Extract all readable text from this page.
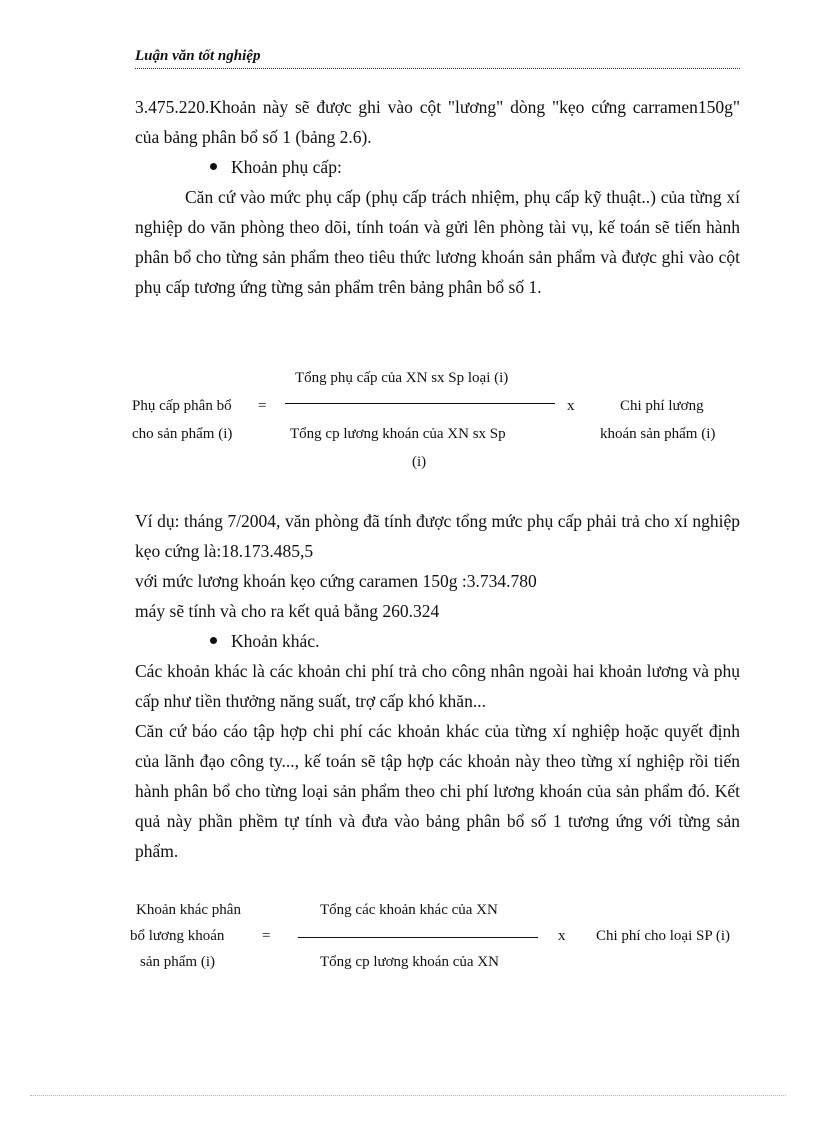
Luận văn tốt nghiệp
3.475.220.Khoản này sẽ được ghi vào cột "lương" dòng "kẹo cứng carramen150g" của bảng phân bổ số 1 (bảng 2.6).
Khoản phụ cấp:
Căn cứ vào mức phụ cấp (phụ cấp trách nhiệm, phụ cấp kỹ thuật..) của từng xí nghiệp do văn phòng theo dõi, tính toán và gửi lên phòng tài vụ, kế toán sẽ tiến hành phân bổ cho từng sản phẩm theo tiêu thức lương khoán sản phẩm và được ghi vào cột phụ cấp tương ứng từng sản phẩm trên bảng phân bổ số 1.
Tổng phụ cấp của XN sx Sp loại (i)
Tổng cp lương khoán của XN sx Sp
(i)
Phụ cấp phân bổ =
cho sản phẩm (i)
x	Chi phí lương
khoán sản phẩm (i)
Ví dụ: tháng 7/2004, văn phòng đã tính được tổng mức phụ cấp phải trả cho xí nghiệp kẹo cứng là:18.173.485,5
với mức lương khoán kẹo cứng caramen 150g :3.734.780
máy sẽ tính và cho ra kết quả bằng 260.324
Khoản khác.
Các khoản khác là các khoản chi phí trả cho công nhân ngoài hai khoản lương và phụ cấp như tiền thưởng năng suất, trợ cấp khó khăn...
Căn cứ báo cáo tập hợp chi phí các khoản khác của từng xí nghiệp hoặc quyết định của lãnh đạo công ty..., kế toán sẽ tập hợp các khoản này theo từng xí nghiệp rồi tiến hành phân bổ cho từng loại sản phẩm theo chi phí lương khoán của sản phẩm đó. Kết quả này phần phềm tự tính và đưa vào bảng phân bổ số 1 tương ứng với từng sản phẩm.
Tổng các khoản khác của XN
Tổng cp lương khoán của XN
Khoản khác phân
bổ lương khoán
sản phẩm (i)
=	x Chi phí cho loại SP (i)
